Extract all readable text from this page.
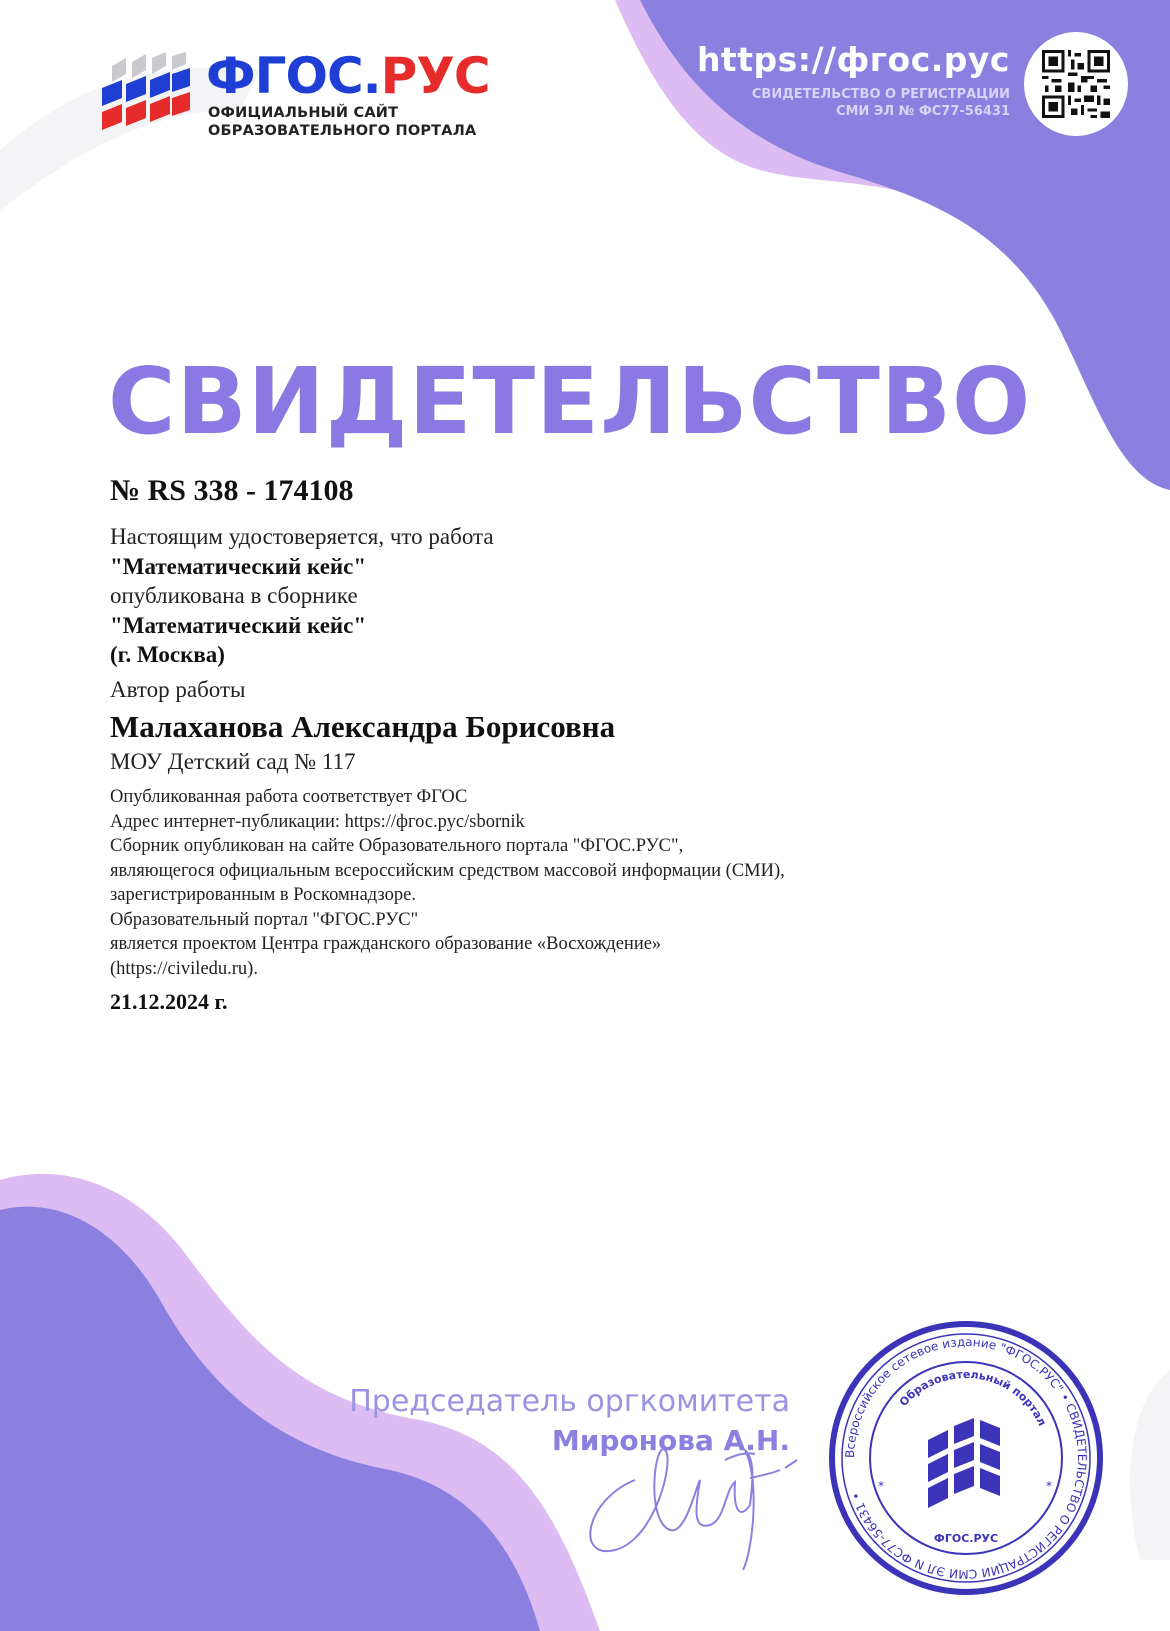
ФГОС.РУС
ОФИЦИАЛЬНЫЙ САЙТ
ОБРАЗОВАТЕЛЬНОГО ПОРТАЛА
https://фгос.рус
СВИДЕТЕЛЬСТВО О РЕГИСТРАЦИИ
СМИ ЭЛ № ФС77-56431
СВИДЕТЕЛЬСТВО
№ RS 338 - 174108
Настоящим удостоверяется, что работа
"Математический кейс"
опубликована в сборнике
"Математический кейс"
(г. Москва)
Автор работы
Малаханова Александра Борисовна
МОУ Детский сад № 117
Опубликованная работа соответствует ФГОС
Адрес интернет-публикации: https://фгос.рус/sbornik
Сборник опубликован на сайте Образовательного портала "ФГОС.РУС",
являющегося официальным всероссийским средством массовой информации (СМИ),
зарегистрированным в Роскомнадзоре.
Образовательный портал "ФГОС.РУС"
является проектом Центра гражданского образование «Восхождение»
(https://civiledu.ru).
21.12.2024 г.
Председатель оргкомитета
Миронова А.Н.	Всероссийское сетевое издание "ФГОС.РУС" • СВИДЕТЕЛЬСТВО О РЕГИСТРАЦИИ СМИ ЭЛ N ФС77-56431 •
Образовательный портал
ФГОС.РУС
*	*
